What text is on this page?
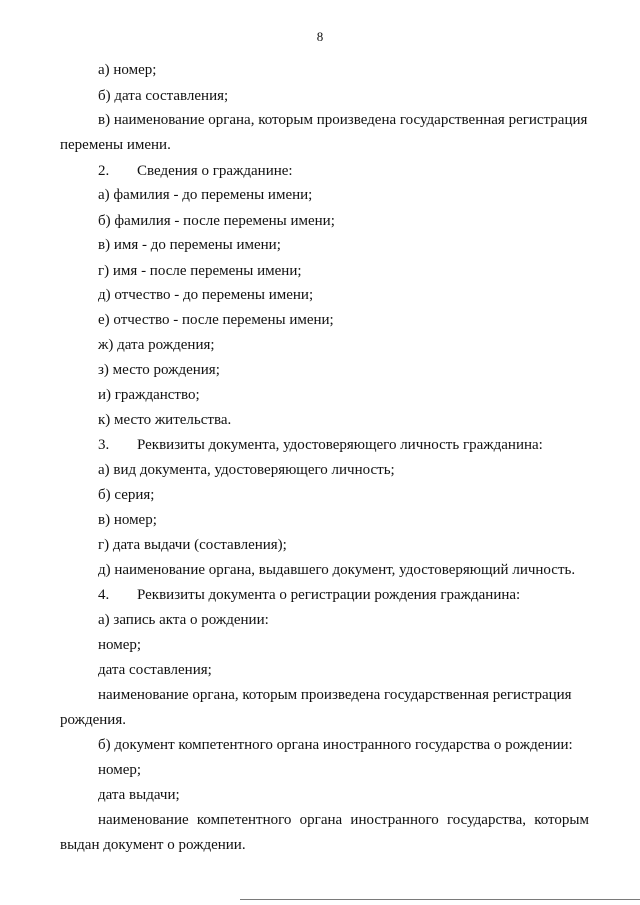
8
а) номер;
б) дата составления;
в) наименование органа, которым произведена государственная регистрация
перемены имени.
2. Сведения о гражданине:
а) фамилия - до перемены имени;
б) фамилия - после перемены имени;
в) имя - до перемены имени;
г) имя - после перемены имени;
д) отчество - до перемены имени;
е) отчество - после перемены имени;
ж) дата рождения;
з) место рождения;
и) гражданство;
к) место жительства.
3. Реквизиты документа, удостоверяющего личность гражданина:
а) вид документа, удостоверяющего личность;
б) серия;
в) номер;
г) дата выдачи (составления);
д) наименование органа, выдавшего документ, удостоверяющий личность.
4. Реквизиты документа о регистрации рождения гражданина:
а) запись акта о рождении:
номер;
дата составления;
наименование органа, которым произведена государственная регистрация
рождения.
б) документ компетентного органа иностранного государства о рождении:
номер;
дата выдачи;
наименование компетентного органа иностранного государства, которым
выдан документ о рождении.
